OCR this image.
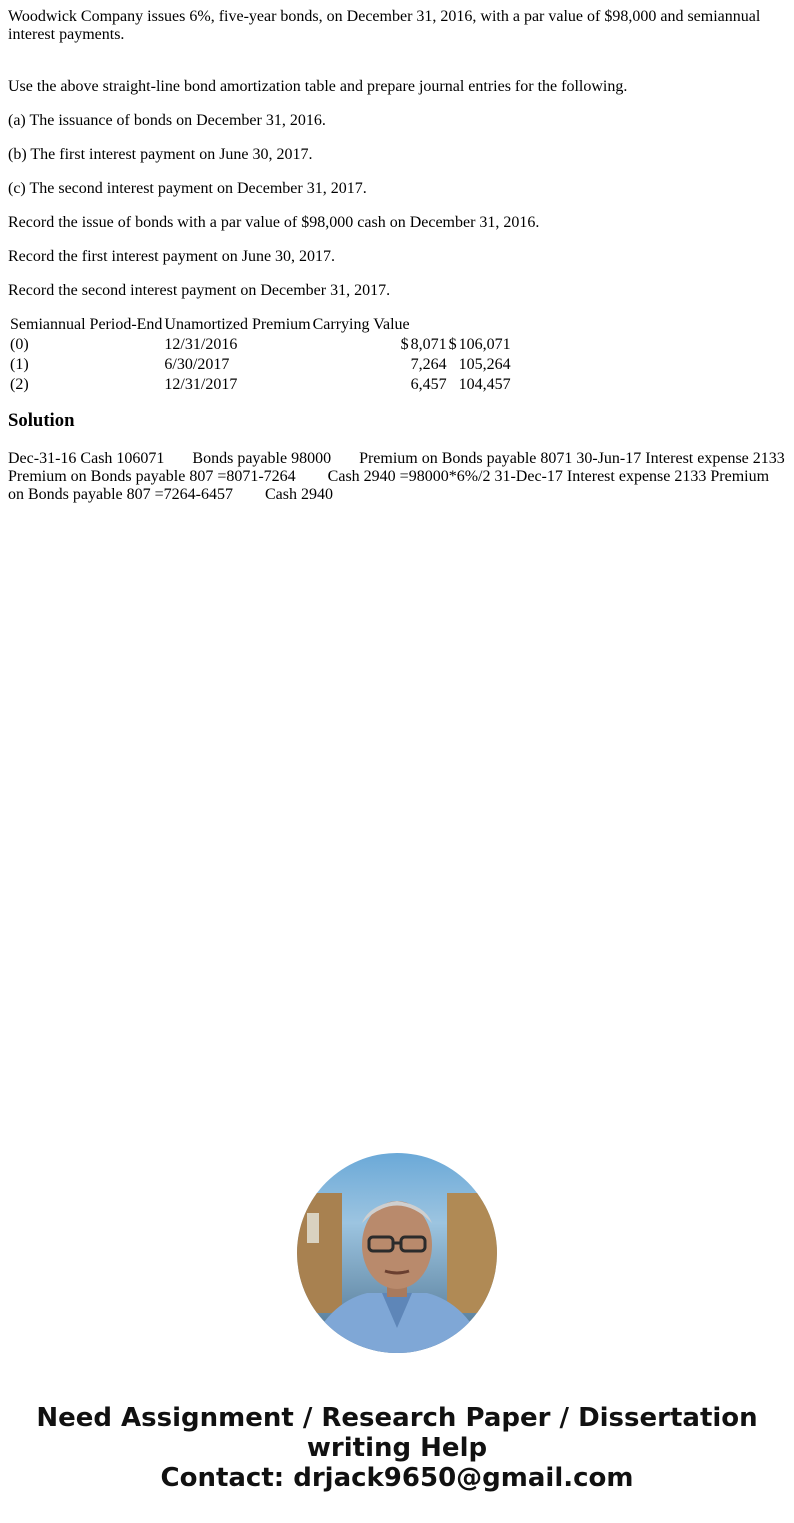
Woodwick Company issues 6%, five-year bonds, on December 31, 2016, with a par value of $98,000 and semiannual interest payments.

Use the above straight-line bond amortization table and prepare journal entries for the following.

(a) The issuance of bonds on December 31, 2016.

(b) The first interest payment on June 30, 2017.

(c) The second interest payment on December 31, 2017.

Record the issue of bonds with a par value of $98,000 cash on December 31, 2016.

Record the first interest payment on June 30, 2017.

Record the second interest payment on December 31, 2017.

Semiannual Period-End	Unamortized Premium	Carrying Value			
(0)	12/31/2016	$	8,071	$	106,071
(1)	6/30/2017		7,264		105,264
(2)	12/31/2017		6,457		104,457
Solution

Dec-31-16 Cash 106071       Bonds payable 98000       Premium on Bonds payable 8071 30-Jun-17 Interest expense 2133 Premium on Bonds payable 807 =8071-7264        Cash 2940 =98000*6%/2 31-Dec-17 Interest expense 2133 Premium on Bonds payable 807 =7264-6457        Cash 2940

Need Assignment / Research Paper / Dissertation
writing Help
Contact: drjack9650@gmail.com
